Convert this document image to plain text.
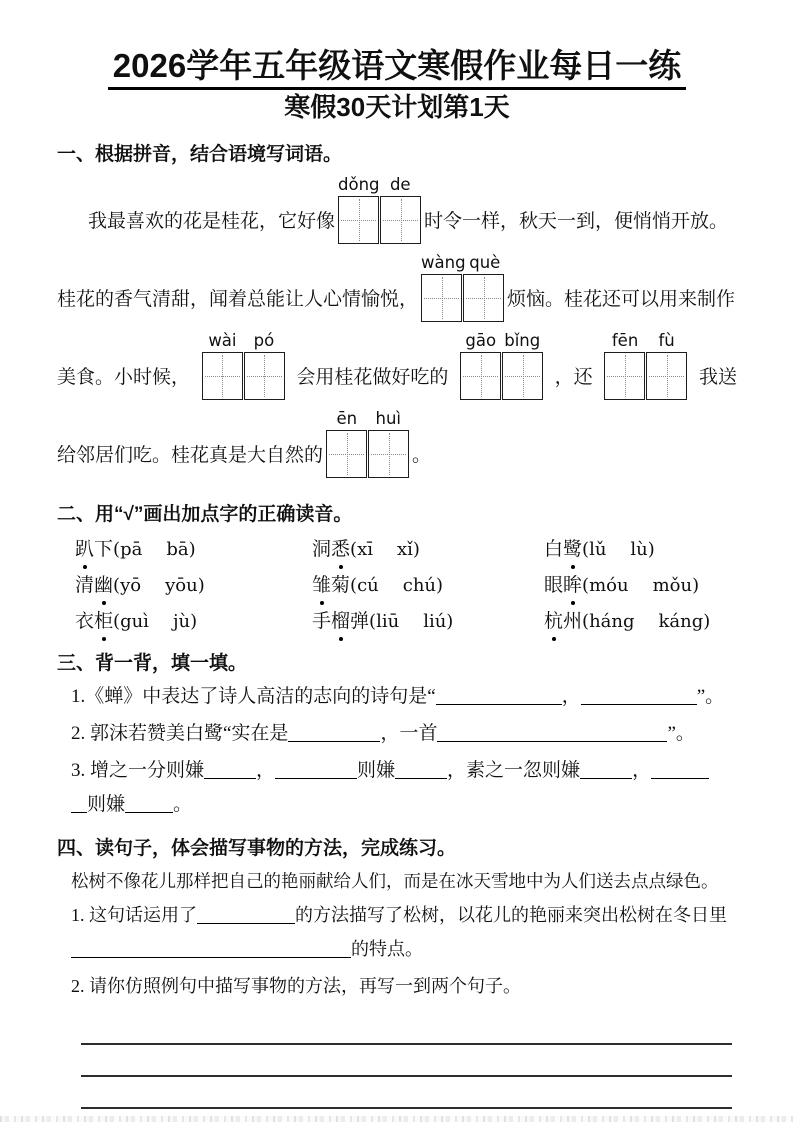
2026学年五年级语文寒假作业每日一练
寒假30天计划第1天
一、根据拼音，结合语境写词语。
我最喜欢的花是桂花，它好像
dǒng de
时令一样，秋天一到，便悄悄开放。
桂花的香气清甜，闻着总能让人心情愉悦，
wàng què
烦恼。桂花还可以用来制作
美食。小时候，
wài	pó
会用桂花做好吃的
gāo bǐng
，还
fēn	fù
我送
给邻居们吃。桂花真是大自然的
ēn	huì
。
二、用“√”画出加点字的正确读音。
趴下(pā bā)	洞悉(xī xǐ)	白鹭(lǔ lù)
清幽(yō yōu)	雏菊(cú chú)	眼眸(móu mǒu)
衣柜(guì jù)	手榴弹(liū liú)	杭州(háng káng)
三、背一背，填一填。
1.《蝉》中表达了诗人高洁的志向的诗句是“	，	”。
2. 郭沫若赞美白鹭“实在是	，一首	”。
3. 增之一分则嫌	，	则嫌	，素之一忽则嫌	，
则嫌	。
四、读句子，体会描写事物的方法，完成练习。
松树不像花儿那样把自己的艳丽献给人们，而是在冰天雪地中为人们送去点点绿色。
1. 这句话运用了	的方法描写了松树，以花儿的艳丽来突出松树在冬日里
的特点。
2. 请你仿照例句中描写事物的方法，再写一到两个句子。
